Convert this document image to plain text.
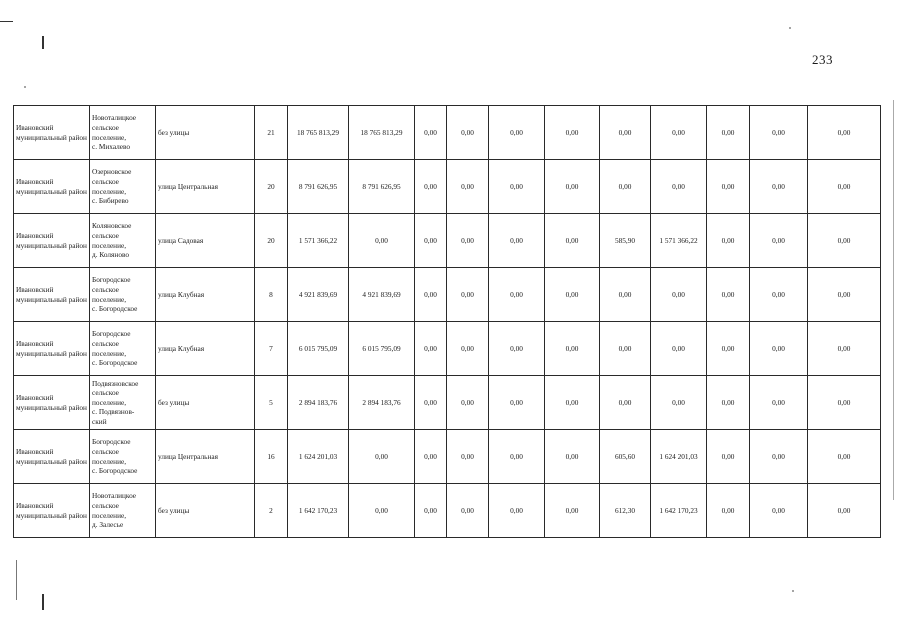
233
Ивановский муниципальный район	Новоталицкое
сельское
поселение,
с. Михалево	без улицы	21	18 765 813,29	18 765 813,29	0,00	0,00	0,00	0,00	0,00	0,00	0,00	0,00	0,00

Ивановский муниципальный район	Озерновское
сельское
поселение,
с. Бибирево	улица Центральная	20	8 791 626,95	8 791 626,95	0,00	0,00	0,00	0,00	0,00	0,00	0,00	0,00	0,00

Ивановский муниципальный район	Коляновское
сельское
поселение,
д. Коляново	улица Садовая	20	1 571 366,22	0,00	0,00	0,00	0,00	0,00	585,90	1 571 366,22	0,00	0,00	0,00

Ивановский муниципальный район	Богородское
сельское
поселение,
с. Богородское	улица Клубная	8	4 921 839,69	4 921 839,69	0,00	0,00	0,00	0,00	0,00	0,00	0,00	0,00	0,00

Ивановский муниципальный район	Богородское
сельское
поселение,
с. Богородское	улица Клубная	7	6 015 795,09	6 015 795,09	0,00	0,00	0,00	0,00	0,00	0,00	0,00	0,00	0,00

Ивановский муниципальный район	Подвязновское
сельское
поселение,
с. Подвязнов-
ский	без улицы	5	2 894 183,76	2 894 183,76	0,00	0,00	0,00	0,00	0,00	0,00	0,00	0,00	0,00

Ивановский муниципальный район	Богородское
сельское
поселение,
с. Богородское	улица Центральная	16	1 624 201,03	0,00	0,00	0,00	0,00	0,00	605,60	1 624 201,03	0,00	0,00	0,00

Ивановский муниципальный район	Новоталицкое
сельское
поселение,
д. Залесье	без улицы	2	1 642 170,23	0,00	0,00	0,00	0,00	0,00	612,30	1 642 170,23	0,00	0,00	0,00
